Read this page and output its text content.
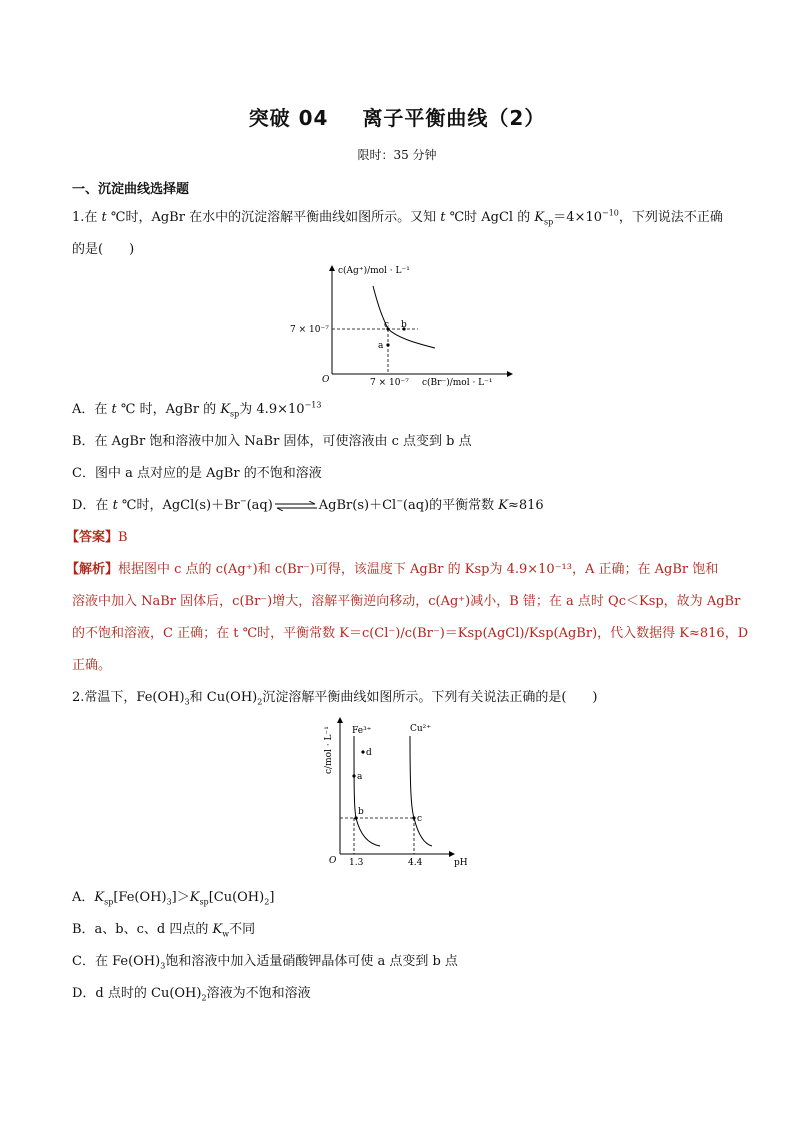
突破 04 离子平衡曲线（2）
限时：35 分钟
一、沉淀曲线选择题
1.在 t ℃时，AgBr 在水中的沉淀溶解平衡曲线如图所示。又知 t ℃时 AgCl 的 $K_{sp}=4\times 10^{-10}$，下列说法不正确的是(　　)
c b
a
c(Ag⁺)/mol · L⁻¹
c(Br⁻)/mol · L⁻¹
7 × 10⁻⁷
7 × 10⁻⁷
O
A．在 t ℃ 时，AgBr 的 $K_{sp}$为 $4.9\times 10^{-13}$
B．在 AgBr 饱和溶液中加入 NaBr 固体，可使溶液由 c 点变到 b 点
C．图中 a 点对应的是 AgBr 的不饱和溶液
D．在 t ℃时，AgCl(s)＋Br−(aq)⇌AgBr(s)＋Cl−(aq)的平衡常数 K≈816
【答案】B
【解析】根据图中 c 点的 c(Ag⁺)和 c(Br⁻)可得，该温度下 AgBr 的 Ksp为 4.9×10⁻¹³，A 正确；在 AgBr 饱和
溶液中加入 NaBr 固体后，c(Br⁻)增大，溶解平衡逆向移动，c(Ag⁺)减小，B 错；在 a 点时 Qc＜Ksp，故为 AgBr
的不饱和溶液，C 正确；在 t ℃时，平衡常数 K＝c(Cl⁻)/c(Br⁻)＝Ksp(AgCl)/Ksp(AgBr)，代入数据得 K≈816，D
正确。
2.常温下，$Fe(OH)_3$和 $Cu(OH)_2$沉淀溶解平衡曲线如图所示。下列有关说法正确的是(　　)
a
b
c
d
Fe³⁺	Cu²⁺
1.3	4.4	pH
O
c/mol · L⁻¹
A．$K_{sp}[Fe(OH)_3]>K_{sp}[Cu(OH)_2]$
B．a、b、c、d 四点的 $K_w$不同
C．在 $Fe(OH)_3$饱和溶液中加入适量硝酸钾晶体可使 a 点变到 b 点
D．d 点时的 $Cu(OH)_2$溶液为不饱和溶液
